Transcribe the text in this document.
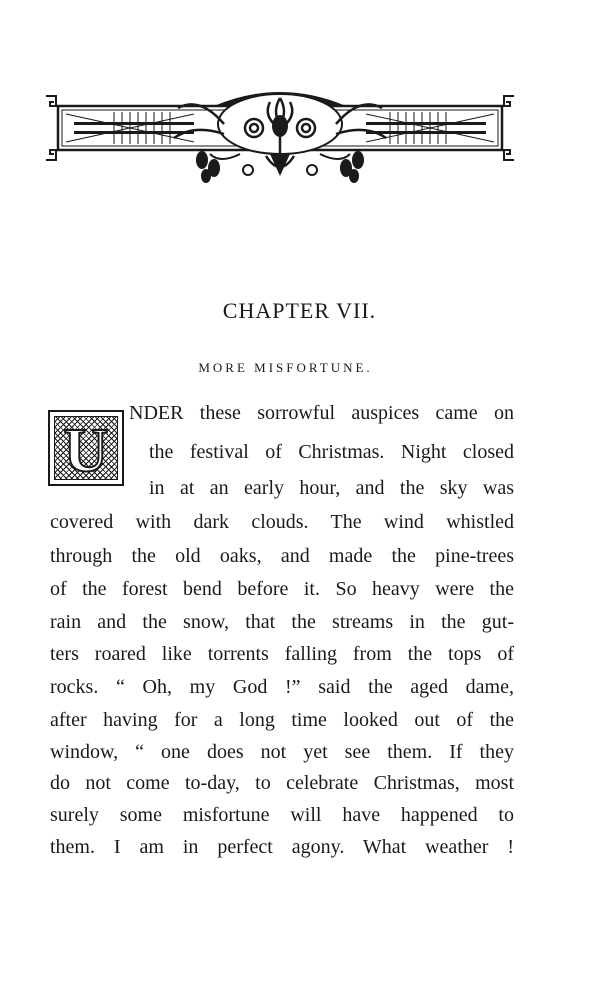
CHAPTER VII.
MORE MISFORTUNE.
U
NDER these sorrowful auspices came on
the festival of Christmas. Night closed
in at an early hour, and the sky was
covered with dark clouds. The wind whistled
through the old oaks, and made the pine-trees
of the forest bend before it. So heavy were the
rain and the snow, that the streams in the gut-
ters roared like torrents falling from the tops of
rocks. “ Oh, my God !” said the aged dame,
after having for a long time looked out of the
window, “ one does not yet see them. If they
do not come to-day, to celebrate Christmas, most
surely some misfortune will have happened to
them. I am in perfect agony. What weather !
